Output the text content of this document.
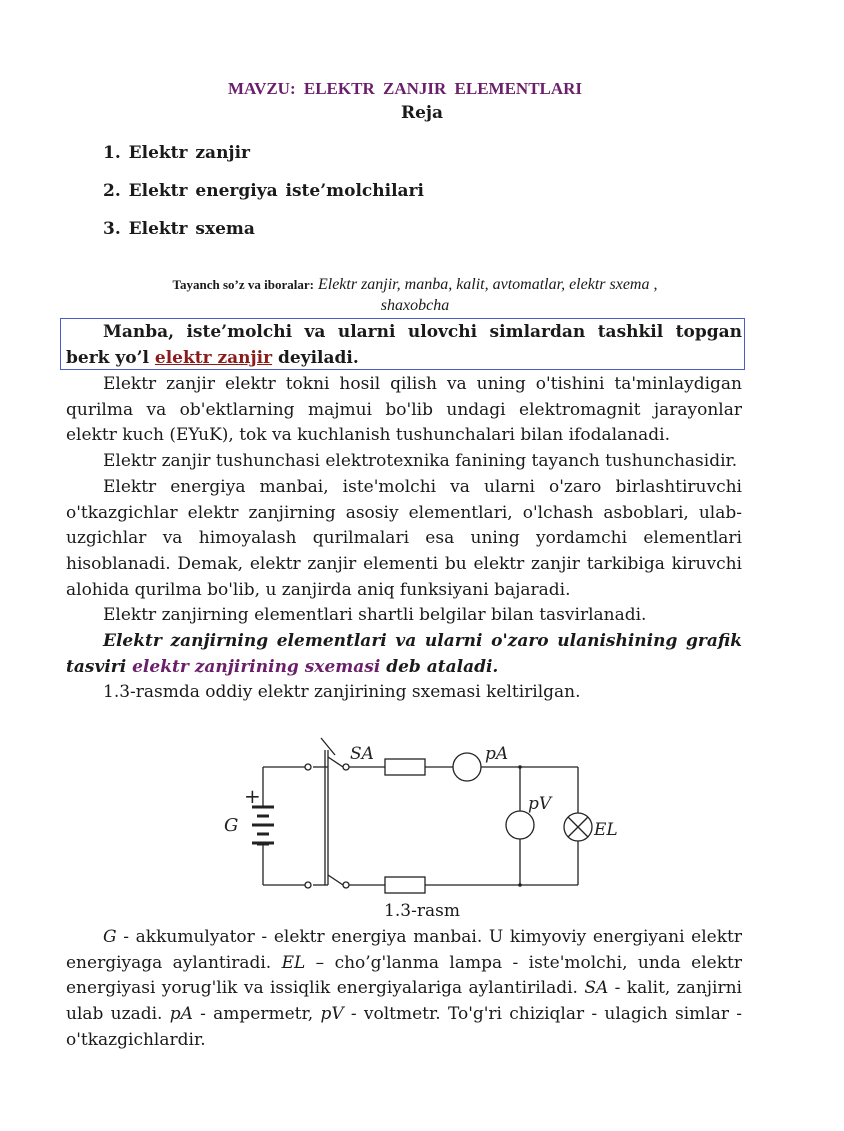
MAVZU: ELEKTR ZANJIR ELEMENTLARI
Reja
1. Elektr zanjir
2. Elektr energiya iste’molchilari
3. Elektr sxema
Tayanch so’z va iboralar: Elektr zanjir, manba, kalit, avtomatlar, elektr sxema ,
shaxobcha

Manba, iste’molchi va ularni ulovchi simlardan tashkil topgan

berk yo’l elektr zanjir deyiladi.

Elektr zanjir elektr tokni hosil qilish va uning o'tishini ta'minlaydigan qurilma va ob'ektlarning majmui bo'lib undagi elektromagnit jarayonlar elektr kuch (EYuK), tok va kuchlanish tushunchalari bilan ifodalanadi.

Elektr zanjir tushunchasi elektrotexnika fanining tayanch tushunchasidir.

Elektr energiya manbai, iste'molchi va ularni o'zaro birlashtiruvchi o'tkazgichlar elektr zanjirning asosiy elementlari, o'lchash asboblari, ulab-uzgichlar va himoyalash qurilmalari esa uning yordamchi elementlari hisoblanadi. Demak, elektr zanjir elementi bu elektr zanjir tarkibiga kiruvchi alohida qurilma bo'lib, u zanjirda aniq funksiyani bajaradi.

Elektr zanjirning elementlari shartli belgilar bilan tasvirlanadi.

Elektr zanjirning elementlari va ularni o'zaro ulanishining grafik tasviri elektr zanjirining sxemasi deb ataladi.

1.3-rasmda oddiy elektr zanjirining sxemasi keltirilgan.

SA	pA
pV
EL
G
+
1.3-rasm

G - akkumulyator - elektr energiya manbai. U kimyoviy energiyani elektr energiyaga aylantiradi. EL – cho’g'lanma lampa - iste'molchi, unda elektr energiyasi yorug'lik va issiqlik energiyalariga aylantiriladi. SA - kalit, zanjirni ulab uzadi. pA - ampermetr, pV - voltmetr. To'g'ri chiziqlar - ulagich simlar - o'tkazgichlardir.
